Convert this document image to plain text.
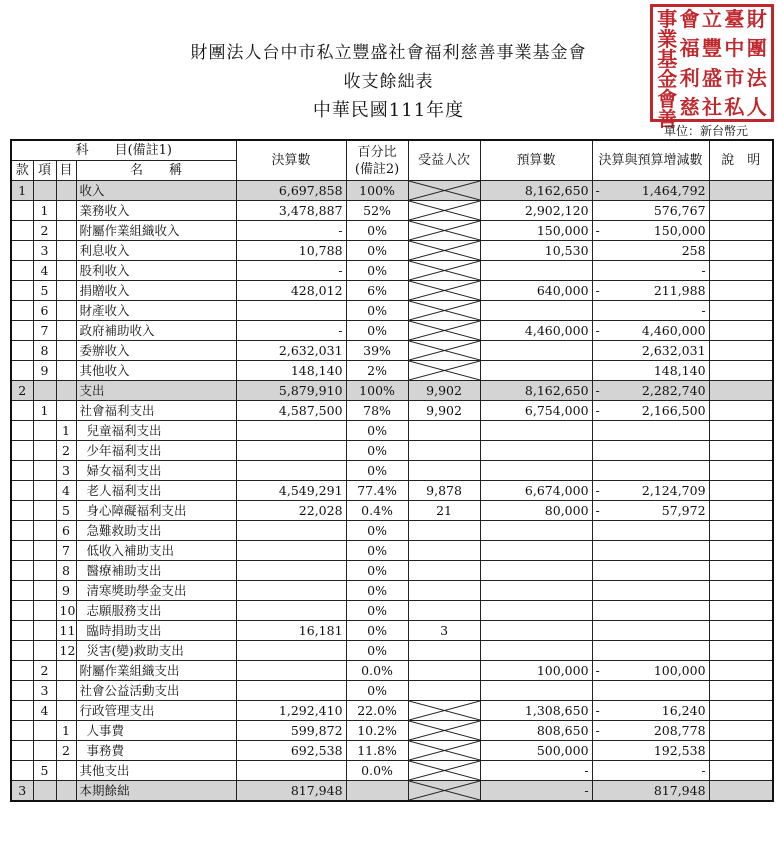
財團法人台中市私立豐盛社會福利慈善事業基金會
收支餘絀表
中華民國111年度
財
團
法
人
臺
中
市
私
立
豐
盛
社
會
福
利
慈
事
業
基
金
會
善
單位：新台幣元
科　　目(備註1)				決算數	百分比(備註2)	受益人次	預算數	決算與預算增減數	說　明
款	項	目	名　　稱						
1			收入	6,697,858	100%		8,162,650	- 1,464,792	

	1		業務收入	3,478,887	52%		2,902,120	576,767	
	2		附屬作業組織收入	-	0%		150,000	- 150,000	

	3		利息收入	10,788	0%		10,530	258	
	4		股利收入	-	0%			-	
	5		捐贈收入	428,012	6%		640,000	- 211,988	

	6		財產收入		0%			-	
	7		政府補助收入	-	0%		4,460,000	- 4,460,000	

	8		委辦收入	2,632,031	39%			2,632,031	
	9		其他收入	148,140	2%			148,140	
2			支出	5,879,910	100%	9,902	8,162,650	- 2,282,740	

	1		社會福利支出	4,587,500	78%	9,902	6,754,000	- 2,166,500	

		1	兒童福利支出		0%				
		2	少年福利支出		0%				
		3	婦女福利支出		0%				
		4	老人福利支出	4,549,291	77.4%	9,878	6,674,000	- 2,124,709	

		5	身心障礙福利支出	22,028	0.4%	21	80,000	- 57,972	

		6	急難救助支出		0%				
		7	低收入補助支出		0%				
		8	醫療補助支出		0%				
		9	清寒獎助學金支出		0%				
		10	志願服務支出		0%				
		11	臨時捐助支出	16,181	0%	3			
		12	災害(變)救助支出		0%				
	2		附屬作業組織支出		0.0%		100,000	- 100,000	

	3		社會公益活動支出		0%				
	4		行政管理支出	1,292,410	22.0%		1,308,650	- 16,240	

		1	人事費	599,872	10.2%		808,650	- 208,778	

		2	事務費	692,538	11.8%		500,000	192,538	
	5		其他支出		0.0%		-	-	
3			本期餘絀	817,948			-	817,948	
